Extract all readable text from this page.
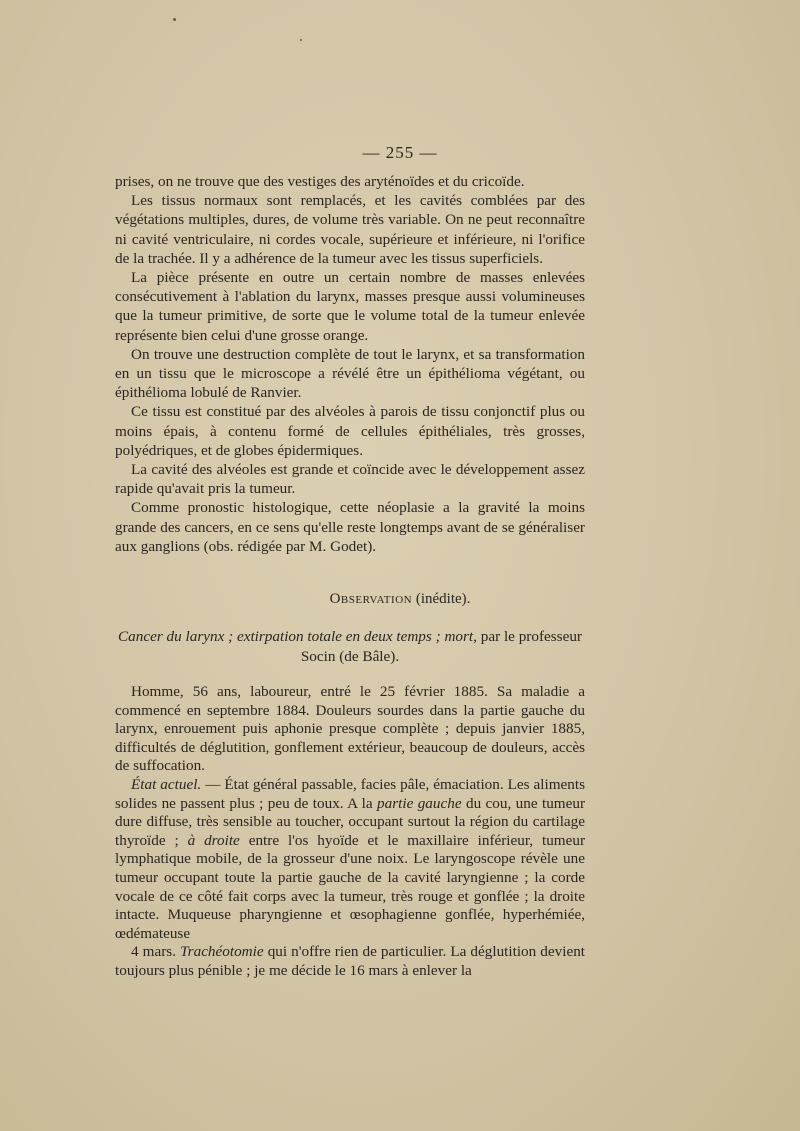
— 255 —

prises, on ne trouve que des vestiges des aryténoïdes et du cricoïde.

Les tissus normaux sont remplacés, et les cavités comblées par des végétations multiples, dures, de volume très variable. On ne peut reconnaître ni cavité ventriculaire, ni cordes vocale, supérieure et inférieure, ni l'orifice de la trachée. Il y a adhérence de la tumeur avec les tissus superficiels.

La pièce présente en outre un certain nombre de masses enlevées consécutivement à l'ablation du larynx, masses presque aussi volumineuses que la tumeur primitive, de sorte que le volume total de la tumeur enlevée représente bien celui d'une grosse orange.

On trouve une destruction complète de tout le larynx, et sa transformation en un tissu que le microscope a révélé être un épithélioma végétant, ou épithélioma lobulé de Ranvier.

Ce tissu est constitué par des alvéoles à parois de tissu conjonctif plus ou moins épais, à contenu formé de cellules épithéliales, très grosses, polyédriques, et de globes épidermiques.

La cavité des alvéoles est grande et coïncide avec le développement assez rapide qu'avait pris la tumeur.

Comme pronostic histologique, cette néoplasie a la gravité la moins grande des cancers, en ce sens qu'elle reste longtemps avant de se généraliser aux ganglions (obs. rédigée par M. Godet).

Observation (inédite).
Cancer du larynx ; extirpation totale en deux temps ; mort, par le professeur Socin (de Bâle).

Homme, 56 ans, laboureur, entré le 25 février 1885. Sa maladie a commencé en septembre 1884. Douleurs sourdes dans la partie gauche du larynx, enrouement puis aphonie presque complète ; depuis janvier 1885, difficultés de déglutition, gonflement extérieur, beaucoup de douleurs, accès de suffocation.

État actuel. — État général passable, facies pâle, émaciation. Les aliments solides ne passent plus ; peu de toux. A la partie gauche du cou, une tumeur dure diffuse, très sensible au toucher, occupant surtout la région du cartilage thyroïde ; à droite entre l'os hyoïde et le maxillaire inférieur, tumeur lymphatique mobile, de la grosseur d'une noix. Le laryngoscope révèle une tumeur occupant toute la partie gauche de la cavité laryngienne ; la corde vocale de ce côté fait corps avec la tumeur, très rouge et gonflée ; la droite intacte. Muqueuse pharyngienne et œsophagienne gonflée, hyperhémiée, œdémateuse

4 mars. Trachéotomie qui n'offre rien de particulier. La déglutition devient toujours plus pénible ; je me décide le 16 mars à enlever la
